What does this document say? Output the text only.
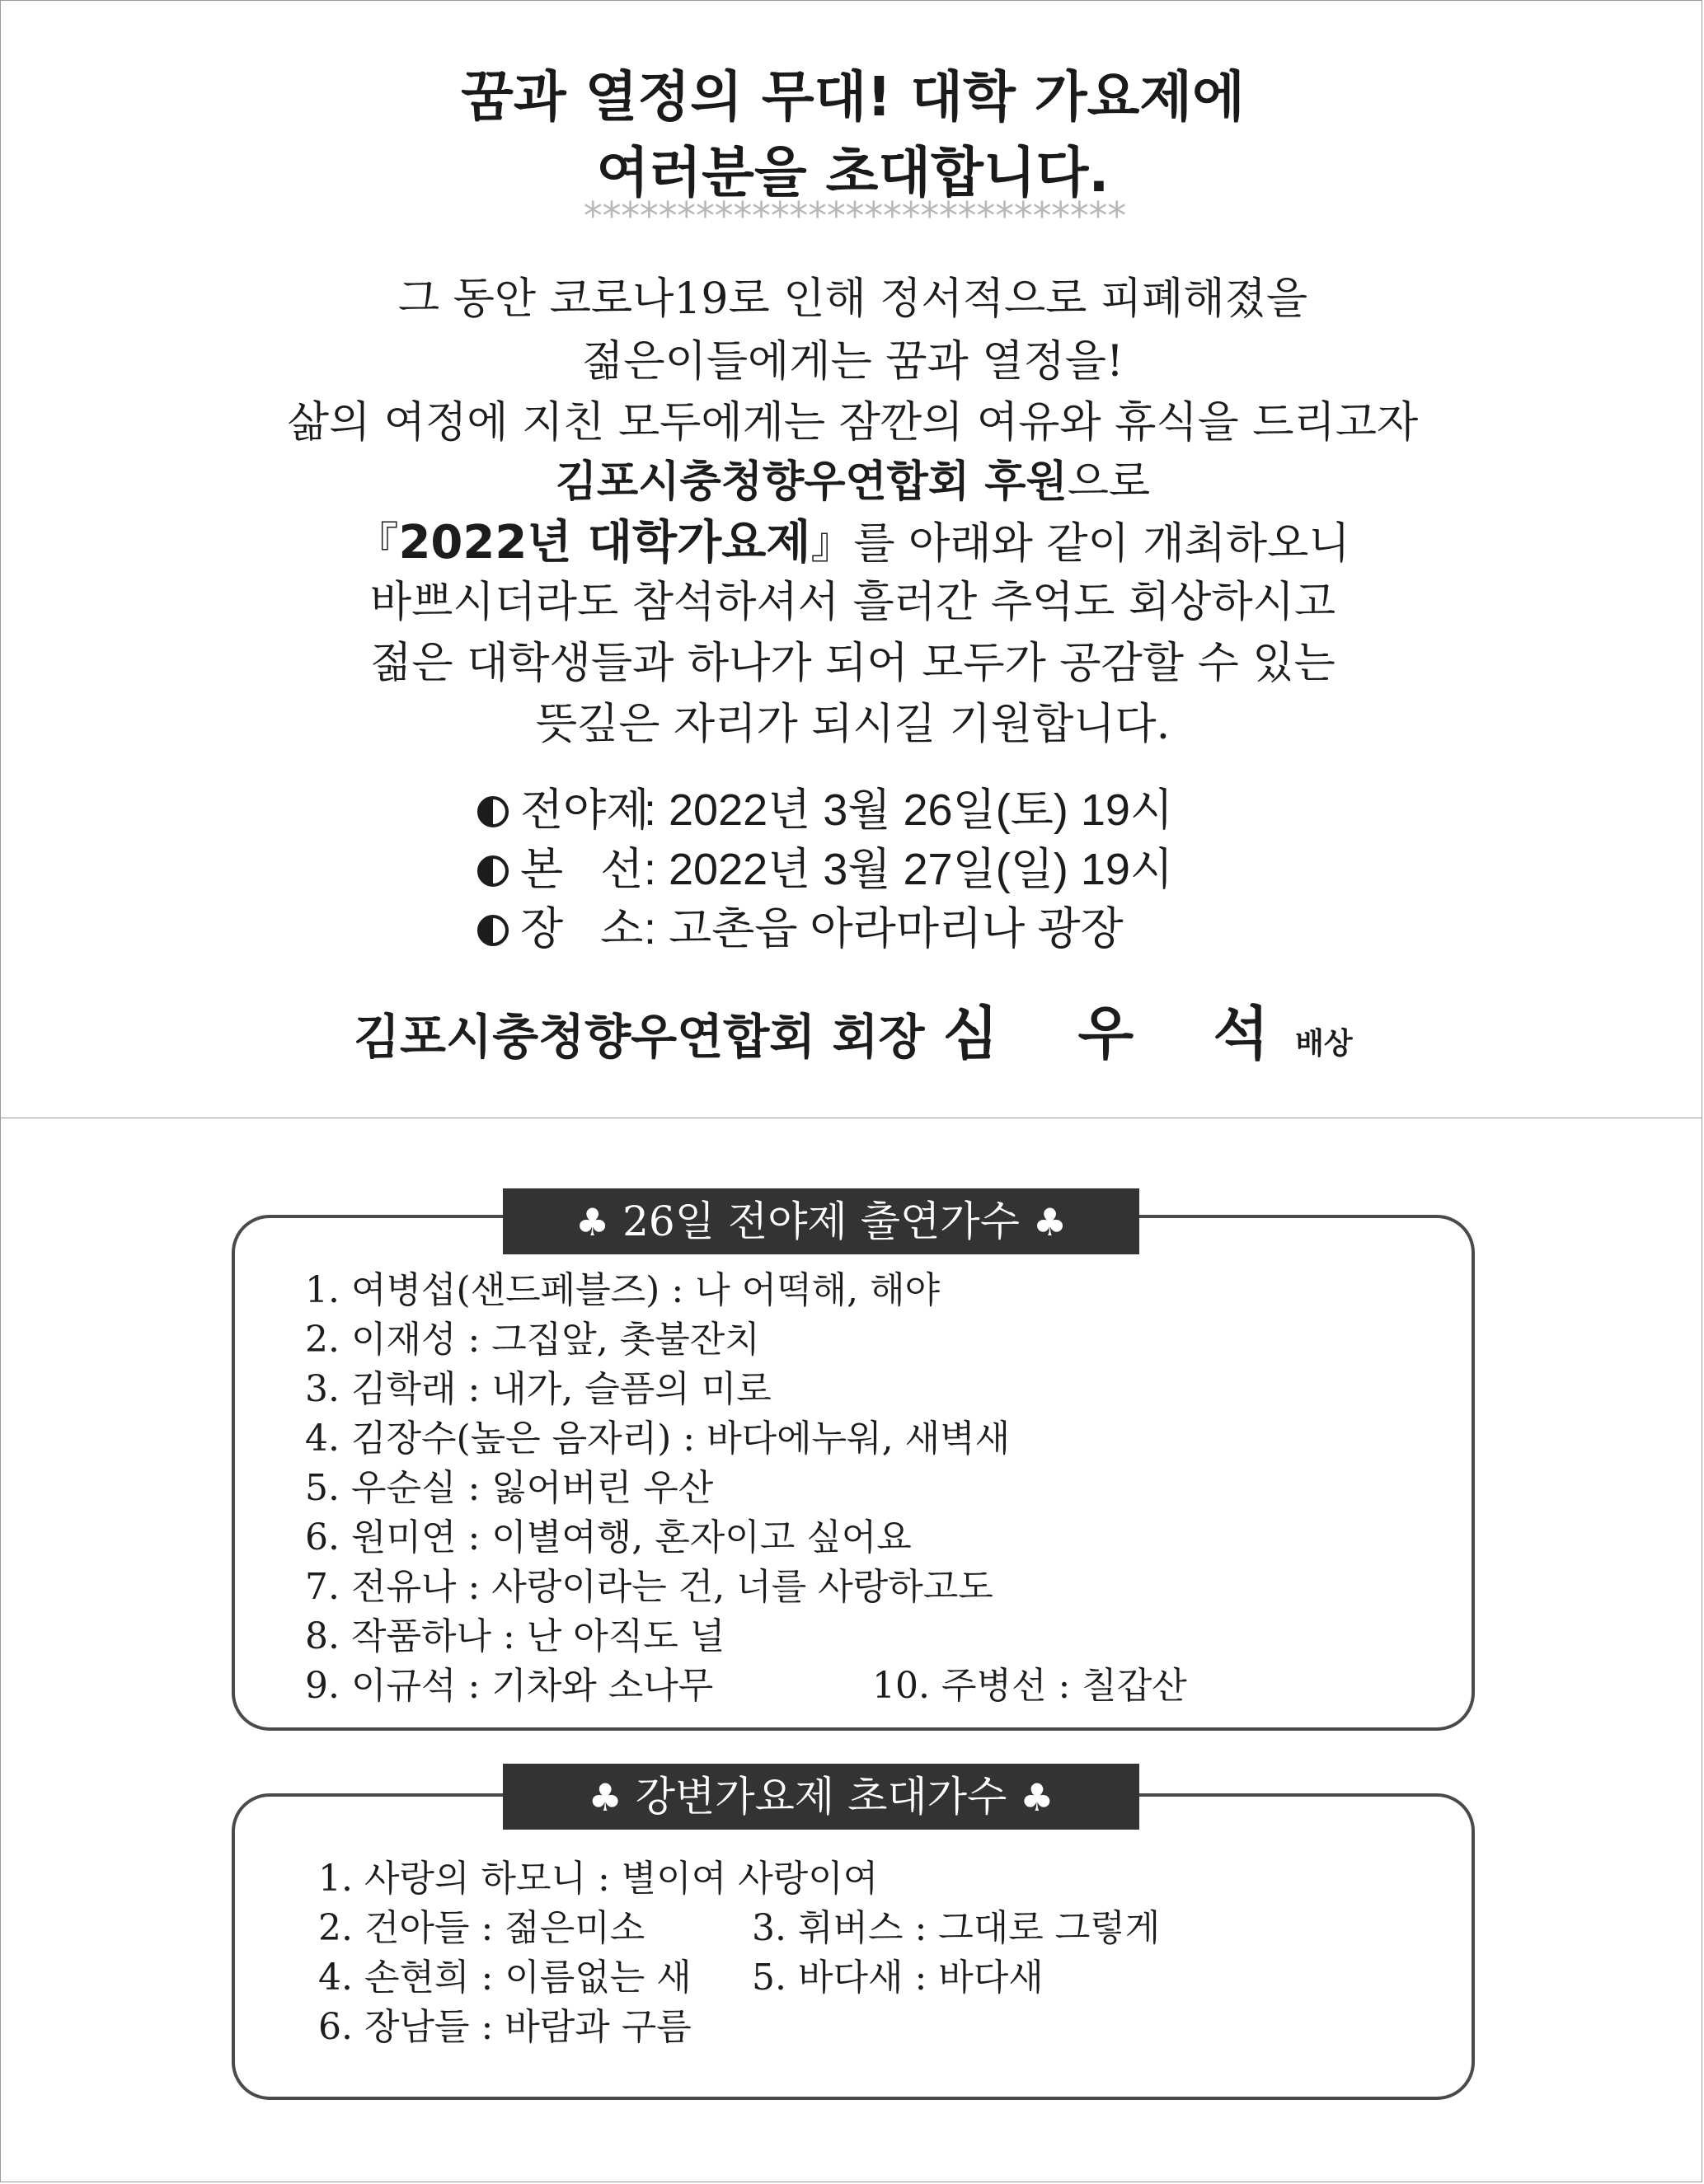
꿈과 열정의 무대! 대학 가요제에
여러분을 초대합니다.
*****************************
그 동안 코로나19로 인해 정서적으로 피폐해졌을
젊은이들에게는 꿈과 열정을!
삶의 여정에 지친 모두에게는 잠깐의 여유와 휴식을 드리고자
김포시충청향우연합회 후원으로
『2022년 대학가요제』를 아래와 같이 개최하오니
바쁘시더라도 참석하셔서 흘러간 추억도 회상하시고
젊은 대학생들과 하나가 되어 모두가 공감할 수 있는
뜻깊은 자리가 되시길 기원합니다.
전야제: 2022년 3월 26일(토) 19시
본   선: 2022년 3월 27일(일) 19시
장   소: 고촌읍 아라마리나 광장
김포시충청향우연합회 회장 심 우 석배상
♣ 26일 전야제 출연가수 ♣
1. 여병섭(샌드페블즈) : 나 어떡해, 해야
2. 이재성 : 그집앞, 촛불잔치
3. 김학래 : 내가, 슬픔의 미로
4. 김장수(높은 음자리) : 바다에누워, 새벽새
5. 우순실 : 잃어버린 우산
6. 원미연 : 이별여행, 혼자이고 싶어요
7. 전유나 : 사랑이라는 건, 너를 사랑하고도
8. 작품하나 : 난 아직도 널
9. 이규석 : 기차와 소나무	10. 주병선 : 칠갑산
♣ 강변가요제 초대가수 ♣
1. 사랑의 하모니 : 별이여 사랑이여
2. 건아들 : 젊은미소	3. 휘버스 : 그대로 그렇게
4. 손현희 : 이름없는 새 5. 바다새 : 바다새
6. 장남들 : 바람과 구름
